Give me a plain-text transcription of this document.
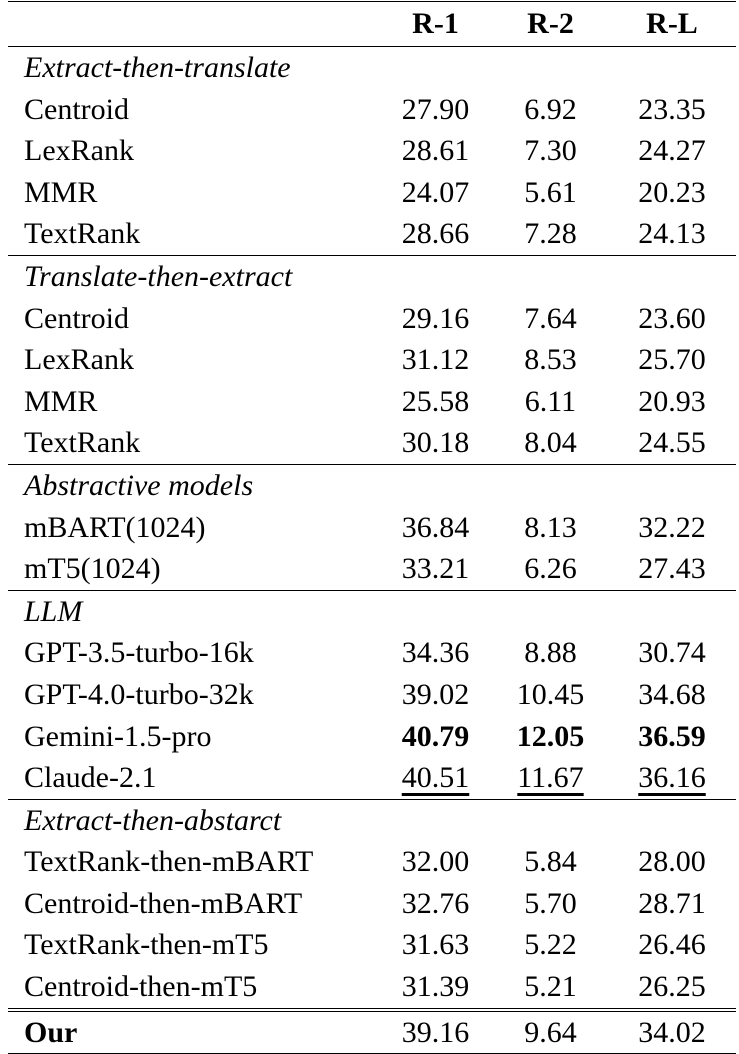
	R-1	R-2	R-L
Extract-then-translate			
Centroid	27.90	6.92	23.35
LexRank	28.61	7.30	24.27
MMR	24.07	5.61	20.23
TextRank	28.66	7.28	24.13
Translate-then-extract			
Centroid	29.16	7.64	23.60
LexRank	31.12	8.53	25.70
MMR	25.58	6.11	20.93
TextRank	30.18	8.04	24.55
Abstractive models			
mBART(1024)	36.84	8.13	32.22
mT5(1024)	33.21	6.26	27.43
LLM			
GPT-3.5-turbo-16k	34.36	8.88	30.74
GPT-4.0-turbo-32k	39.02	10.45	34.68
Gemini-1.5-pro	40.79	12.05	36.59
Claude-2.1	40.51	11.67	36.16
Extract-then-abstarct			
TextRank-then-mBART	32.00	5.84	28.00
Centroid-then-mBART	32.76	5.70	28.71
TextRank-then-mT5	31.63	5.22	26.46
Centroid-then-mT5	31.39	5.21	26.25
Our	39.16	9.64	34.02
